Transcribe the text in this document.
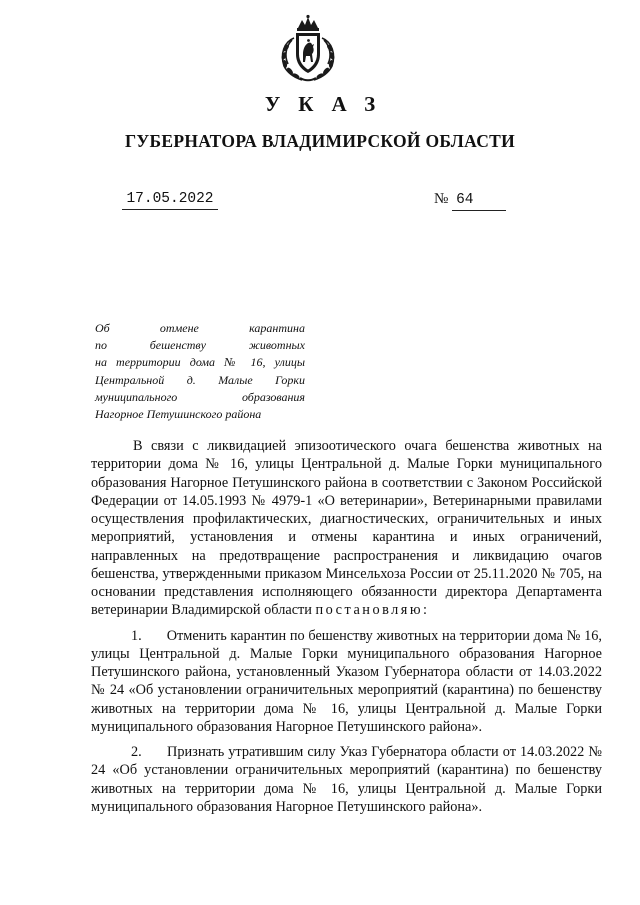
УКАЗ
ГУБЕРНАТОРА ВЛАДИМИРСКОЙ ОБЛАСТИ
17.05.2022	№ 64
Об отмене карантина
по бешенству животных
на территории дома № 16, улицы
Центральной д. Малые Горки
муниципального образования
Нагорное Петушинского района

В связи с ликвидацией эпизоотического очага бешенства животных на территории дома № 16, улицы Центральной д. Малые Горки муниципального образования Нагорное Петушинского района в соответствии с Законом Российской Федерации от 14.05.1993 № 4979-1 «О ветеринарии», Ветеринарными правилами осуществления профилактических, диагностических, ограничительных и иных мероприятий, установления и отмены карантина и иных ограничений, направленных на предотвращение распространения и ликвидацию очагов бешенства, утвержденными приказом Минсельхоза России от 25.11.2020 № 705, на основании представления исполняющего обязанности директора Департамента ветеринарии Владимирской области постановляю:

1. Отменить карантин по бешенству животных на территории дома № 16, улицы Центральной д. Малые Горки муниципального образования Нагорное Петушинского района, установленный Указом Губернатора области от 14.03.2022 № 24 «Об установлении ограничительных мероприятий (карантина) по бешенству животных на территории дома № 16, улицы Центральной д. Малые Горки муниципального образования Нагорное Петушинского района».

2. Признать утратившим силу Указ Губернатора области от 14.03.2022 № 24 «Об установлении ограничительных мероприятий (карантина) по бешенству животных на территории дома № 16, улицы Центральной д. Малые Горки муниципального образования Нагорное Петушинского района».
